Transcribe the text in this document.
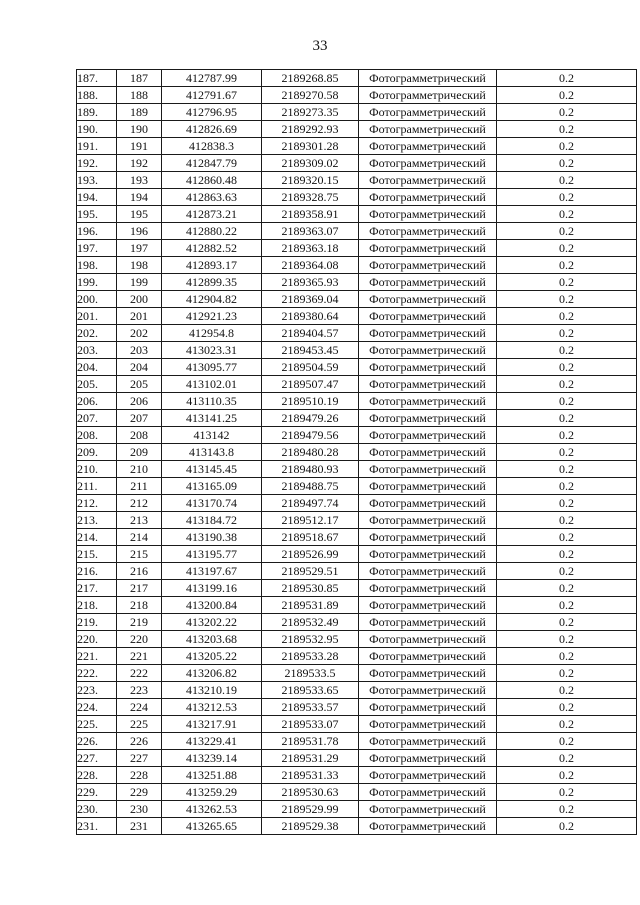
33
187.	187	412787.99	2189268.85	Фотограмметрический	0.2
188.	188	412791.67	2189270.58	Фотограмметрический	0.2
189.	189	412796.95	2189273.35	Фотограмметрический	0.2
190.	190	412826.69	2189292.93	Фотограмметрический	0.2
191.	191	412838.3	2189301.28	Фотограмметрический	0.2
192.	192	412847.79	2189309.02	Фотограмметрический	0.2
193.	193	412860.48	2189320.15	Фотограмметрический	0.2
194.	194	412863.63	2189328.75	Фотограмметрический	0.2
195.	195	412873.21	2189358.91	Фотограмметрический	0.2
196.	196	412880.22	2189363.07	Фотограмметрический	0.2
197.	197	412882.52	2189363.18	Фотограмметрический	0.2
198.	198	412893.17	2189364.08	Фотограмметрический	0.2
199.	199	412899.35	2189365.93	Фотограмметрический	0.2
200.	200	412904.82	2189369.04	Фотограмметрический	0.2
201.	201	412921.23	2189380.64	Фотограмметрический	0.2
202.	202	412954.8	2189404.57	Фотограмметрический	0.2
203.	203	413023.31	2189453.45	Фотограмметрический	0.2
204.	204	413095.77	2189504.59	Фотограмметрический	0.2
205.	205	413102.01	2189507.47	Фотограмметрический	0.2
206.	206	413110.35	2189510.19	Фотограмметрический	0.2
207.	207	413141.25	2189479.26	Фотограмметрический	0.2
208.	208	413142	2189479.56	Фотограмметрический	0.2
209.	209	413143.8	2189480.28	Фотограмметрический	0.2
210.	210	413145.45	2189480.93	Фотограмметрический	0.2
211.	211	413165.09	2189488.75	Фотограмметрический	0.2
212.	212	413170.74	2189497.74	Фотограмметрический	0.2
213.	213	413184.72	2189512.17	Фотограмметрический	0.2
214.	214	413190.38	2189518.67	Фотограмметрический	0.2
215.	215	413195.77	2189526.99	Фотограмметрический	0.2
216.	216	413197.67	2189529.51	Фотограмметрический	0.2
217.	217	413199.16	2189530.85	Фотограмметрический	0.2
218.	218	413200.84	2189531.89	Фотограмметрический	0.2
219.	219	413202.22	2189532.49	Фотограмметрический	0.2
220.	220	413203.68	2189532.95	Фотограмметрический	0.2
221.	221	413205.22	2189533.28	Фотограмметрический	0.2
222.	222	413206.82	2189533.5	Фотограмметрический	0.2
223.	223	413210.19	2189533.65	Фотограмметрический	0.2
224.	224	413212.53	2189533.57	Фотограмметрический	0.2
225.	225	413217.91	2189533.07	Фотограмметрический	0.2
226.	226	413229.41	2189531.78	Фотограмметрический	0.2
227.	227	413239.14	2189531.29	Фотограмметрический	0.2
228.	228	413251.88	2189531.33	Фотограмметрический	0.2
229.	229	413259.29	2189530.63	Фотограмметрический	0.2
230.	230	413262.53	2189529.99	Фотограмметрический	0.2
231.	231	413265.65	2189529.38	Фотограмметрический	0.2
